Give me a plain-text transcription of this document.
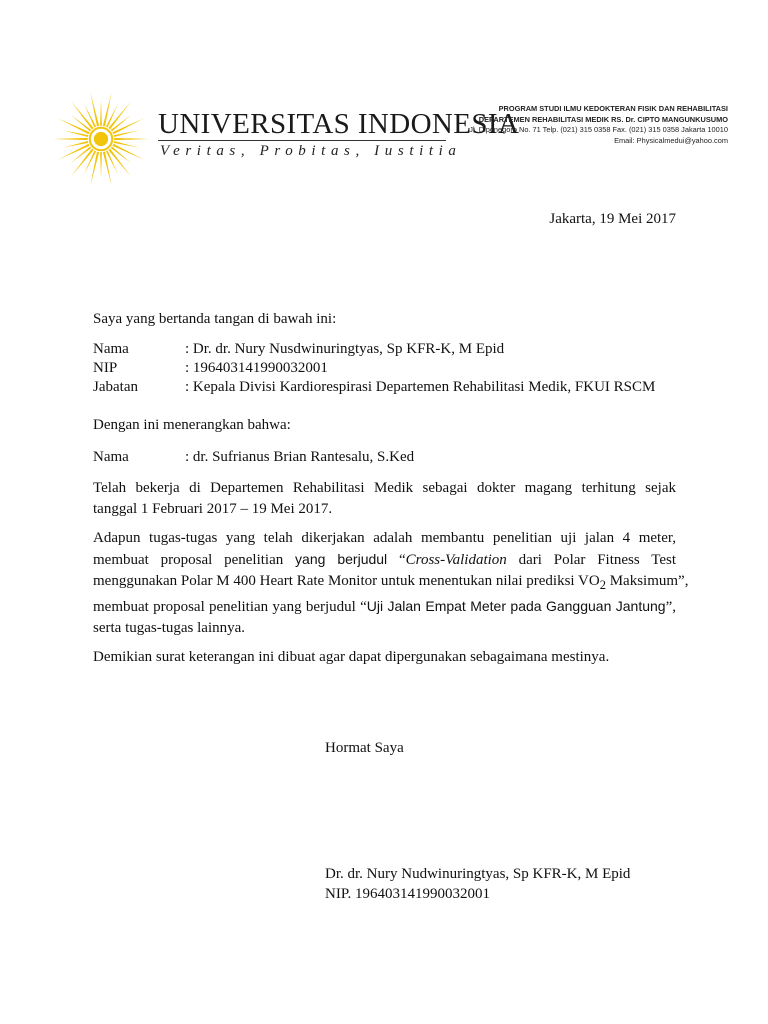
UNIVERSITAS INDONESIA
Veritas, Probitas, Iustitia
PROGRAM STUDI ILMU KEDOKTERAN FISIK DAN REHABILITASI
DEPARTEMEN REHABILITASI MEDIK RS. Dr. CIPTO MANGUNKUSUMO
Jl. Diponegoro No. 71 Telp. (021) 315 0358 Fax. (021) 315 0358 Jakarta 10010
Email: Physicalmedui@yahoo.com
Jakarta, 19 Mei 2017
Saya yang bertanda tangan di bawah ini:
Nama	: Dr. dr. Nury Nusdwinuringtyas, Sp KFR-K, M Epid
NIP	: 196403141990032001
Jabatan	: Kepala Divisi Kardiorespirasi Departemen Rehabilitasi Medik, FKUI RSCM
Dengan ini menerangkan bahwa:
Nama	: dr. Sufrianus Brian Rantesalu, S.Ked
Telah bekerja di Departemen Rehabilitasi Medik sebagai dokter magang terhitung sejak
tanggal 1 Februari 2017 – 19 Mei 2017.
Adapun tugas-tugas yang telah dikerjakan adalah membantu penelitian uji jalan 4 meter,
membuat proposal penelitian yang berjudul “Cross-Validation dari Polar Fitness Test
menggunakan Polar M 400 Heart Rate Monitor untuk menentukan nilai prediksi $VO_2$ Maksimum”,
membuat proposal penelitian yang berjudul “Uji Jalan Empat Meter pada Gangguan Jantung”,
serta tugas-tugas lainnya.
Demikian surat keterangan ini dibuat agar dapat dipergunakan sebagaimana mestinya.
Hormat Saya
Dr. dr. Nury Nudwinuringtyas, Sp KFR-K, M Epid
NIP. 196403141990032001
